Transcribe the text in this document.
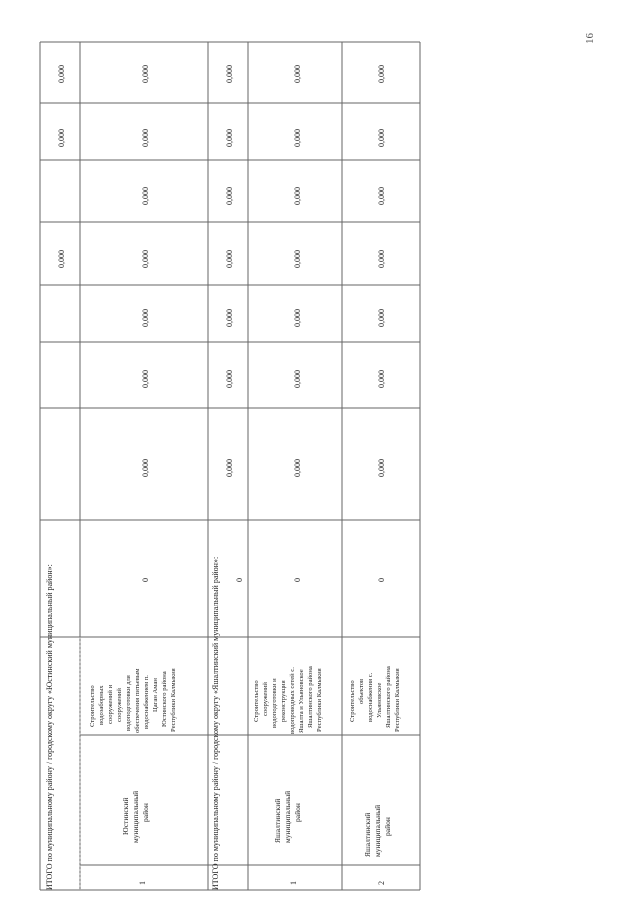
16
ИТОГО по муниципальному району / городскому округу «Юстинский муниципальный район»:
0,000
0,000
0,000
1
Юстинский муниципальный район
Строительство водозаборных сооружений и сооружений водоподготовки для обеспечения питьевым водоснабжением п. Цаган Аман Юстинского района Республики Калмыкия
0
0,000
0,000
0,000
0,000
0,000
0,000
0,000
ИТОГО по муниципальному району / городскому округу «Яшалтинский муниципальный район»: 0
0,000
0,000
0,000
0,000
0,000
0,000
0,000
1
Яшалтинский муниципальный район
Строительство сооружений водоподготовки и реконструкция водопроводных сетей с. Яшалта и Ульяновское Яшалтинского района Республики Калмыкия
0
0,000
0,000
0,000
0,000
0,000
0,000
0,000
2
Яшалтинский муниципальный район
Строительство объектов водоснабжения с. Ульяновское Яшалтинского района Республики Калмыкия
0
0,000
0,000
0,000
0,000
0,000
0,000
0,000
